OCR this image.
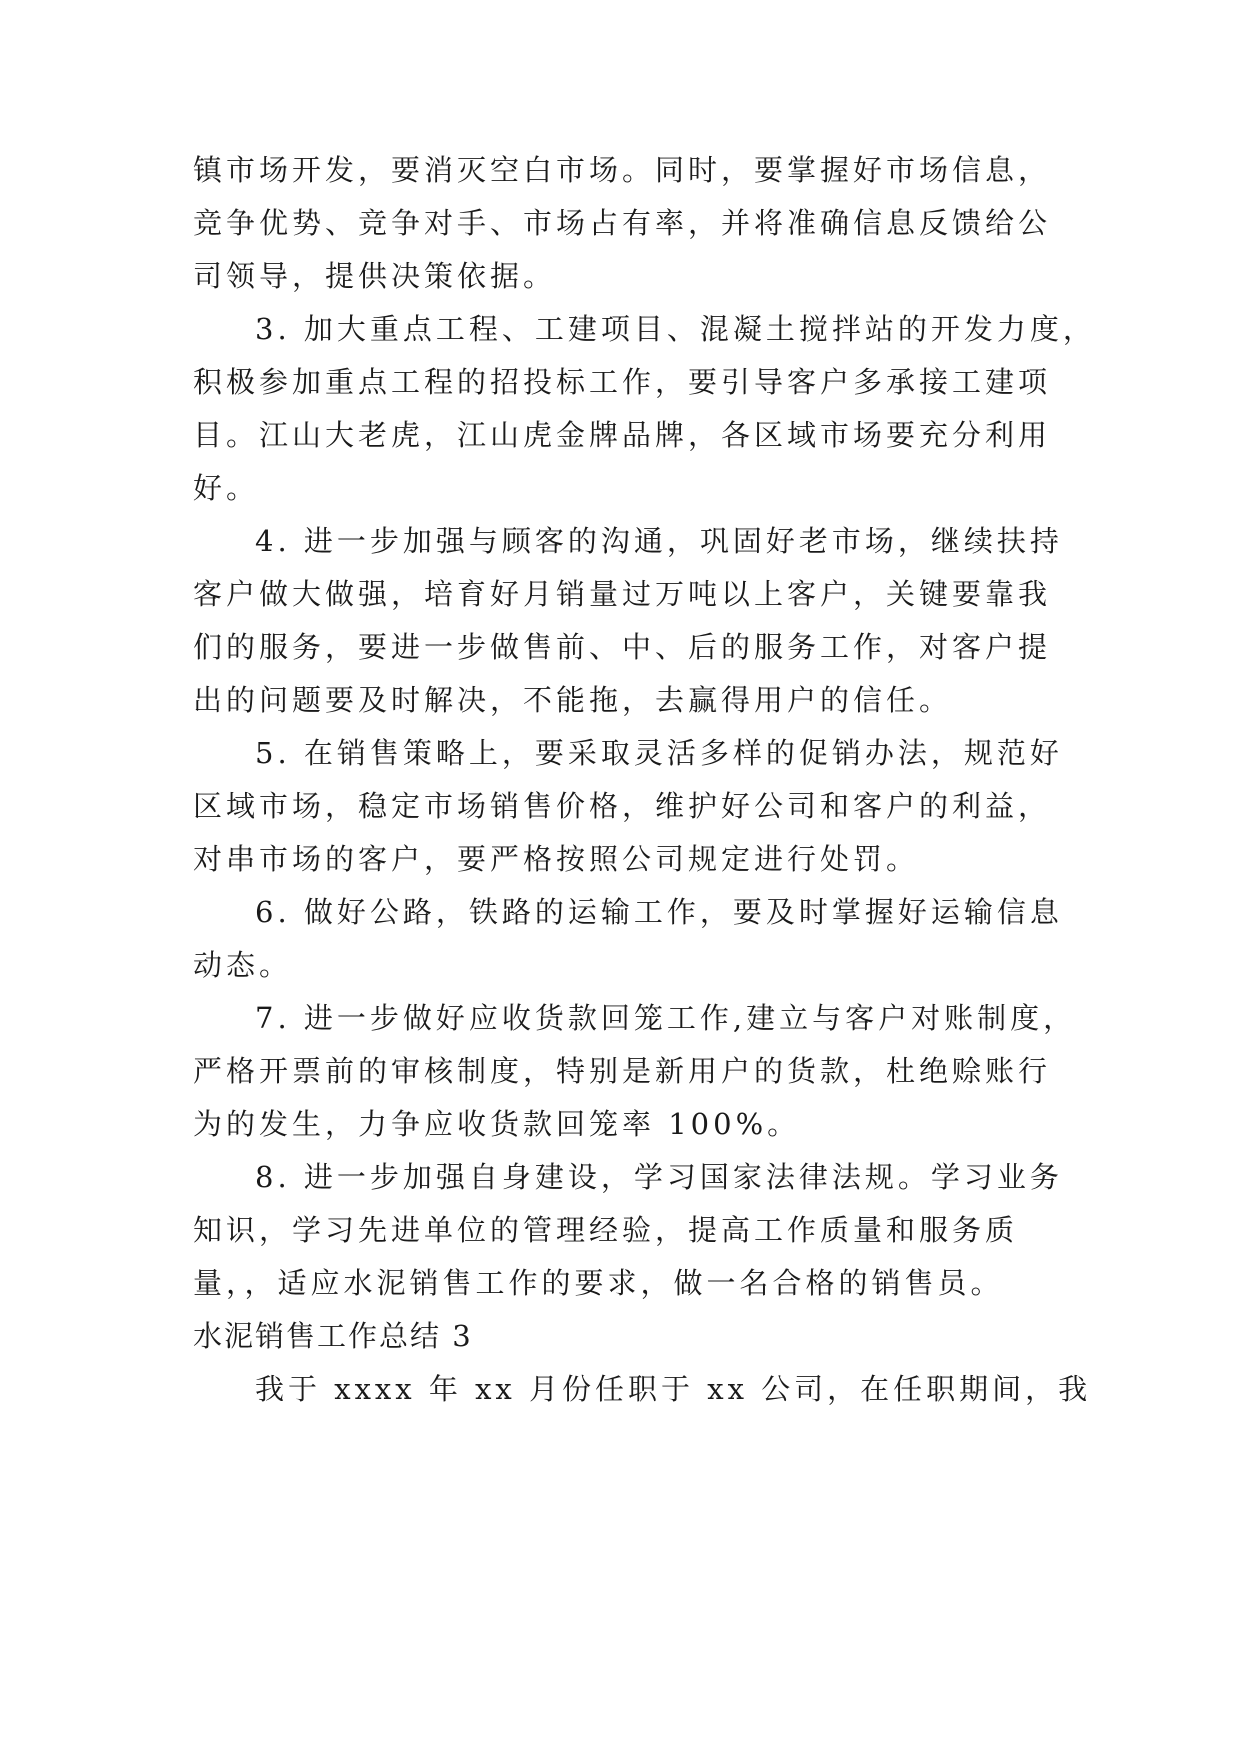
镇市场开发，要消灭空白市场。同时，要掌握好市场信息，

竞争优势、竞争对手、市场占有率，并将准确信息反馈给公

司领导，提供决策依据。

3. 加大重点工程、工建项目、混凝土搅拌站的开发力度，

积极参加重点工程的招投标工作，要引导客户多承接工建项

目。江山大老虎，江山虎金牌品牌，各区域市场要充分利用

好。

4. 进一步加强与顾客的沟通，巩固好老市场，继续扶持

客户做大做强，培育好月销量过万吨以上客户，关键要靠我

们的服务，要进一步做售前、中、后的服务工作，对客户提

出的问题要及时解决，不能拖，去赢得用户的信任。

5. 在销售策略上，要采取灵活多样的促销办法，规范好

区域市场，稳定市场销售价格，维护好公司和客户的利益，

对串市场的客户，要严格按照公司规定进行处罚。

6. 做好公路，铁路的运输工作，要及时掌握好运输信息

动态。

7. 进一步做好应收货款回笼工作,建立与客户对账制度，

严格开票前的审核制度，特别是新用户的货款，杜绝赊账行

为的发生，力争应收货款回笼率 100%。

8. 进一步加强自身建设，学习国家法律法规。学习业务

知识，学习先进单位的管理经验，提高工作质量和服务质

量，，适应水泥销售工作的要求，做一名合格的销售员。

水泥销售工作总结 3

我于 xxxx 年 xx 月份任职于 xx 公司，在任职期间，我
